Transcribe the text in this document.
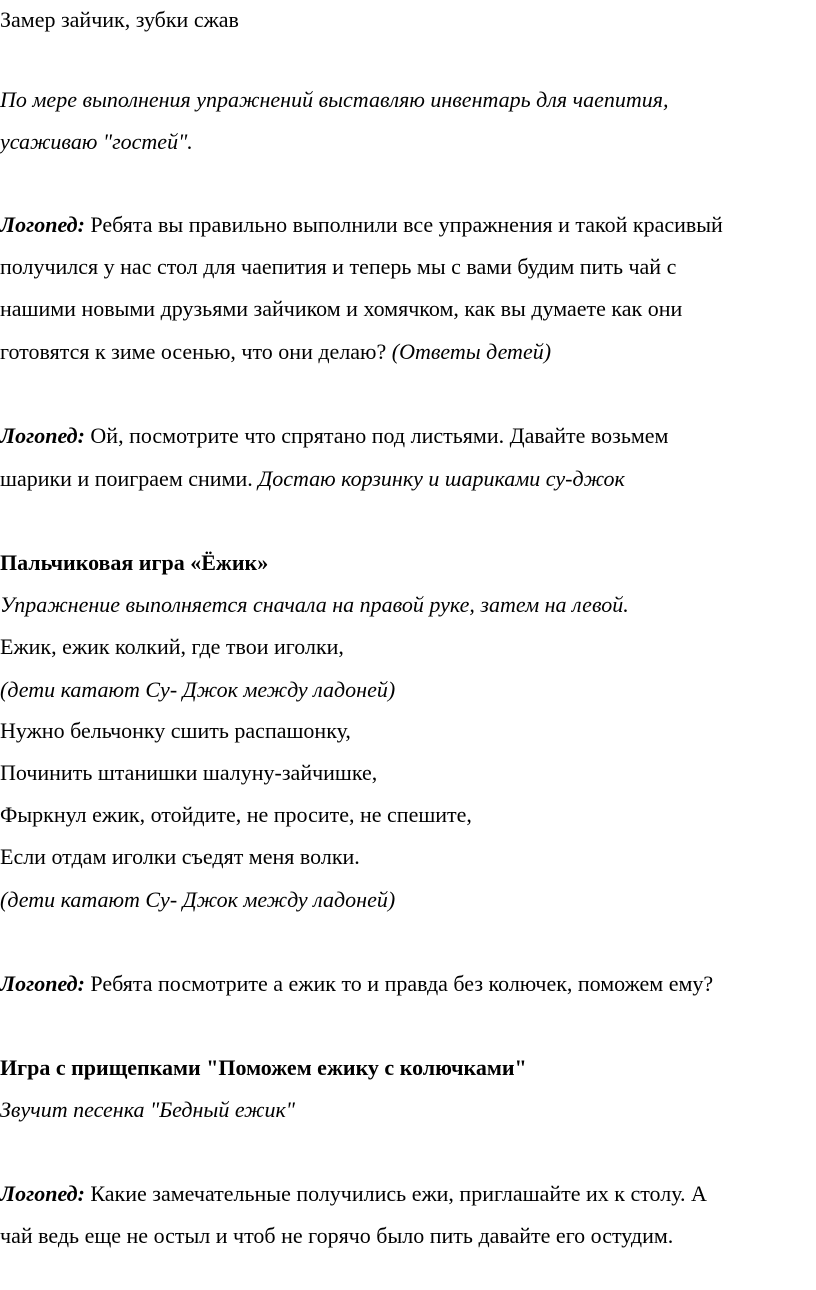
Замер зайчик, зубки сжав
По мере выполнения упражнений выставляю инвентарь для чаепития,
усаживаю "гостей".
Логопед: Ребята вы правильно выполнили все упражнения и такой красивый
получился у нас стол для чаепития и теперь мы с вами будим пить чай с
нашими новыми друзьями зайчиком и хомячком, как вы думаете как они
готовятся к зиме осенью, что они делаю? (Ответы детей)
Логопед: Ой, посмотрите что спрятано под листьями. Давайте возьмем
шарики и поиграем сними. Достаю корзинку и шариками су-джок
Пальчиковая игра «Ёжик»
Упражнение выполняется сначала на правой руке, затем на левой.
Ежик, ежик колкий, где твои иголки,
(дети катают Су- Джок между ладоней)
Нужно бельчонку сшить распашонку,
Починить штанишки шалуну-зайчишке,
Фыркнул ежик, отойдите, не просите, не спешите,
Если отдам иголки съедят меня волки.
(дети катают Су- Джок между ладоней)
Логопед: Ребята посмотрите а ежик то и правда без колючек, поможем ему?
Игра с прищепками "Поможем ежику с колючками"
Звучит песенка "Бедный ежик"
Логопед: Какие замечательные получились ежи, приглашайте их к столу. А
чай ведь еще не остыл и чтоб не горячо было пить давайте его остудим.
